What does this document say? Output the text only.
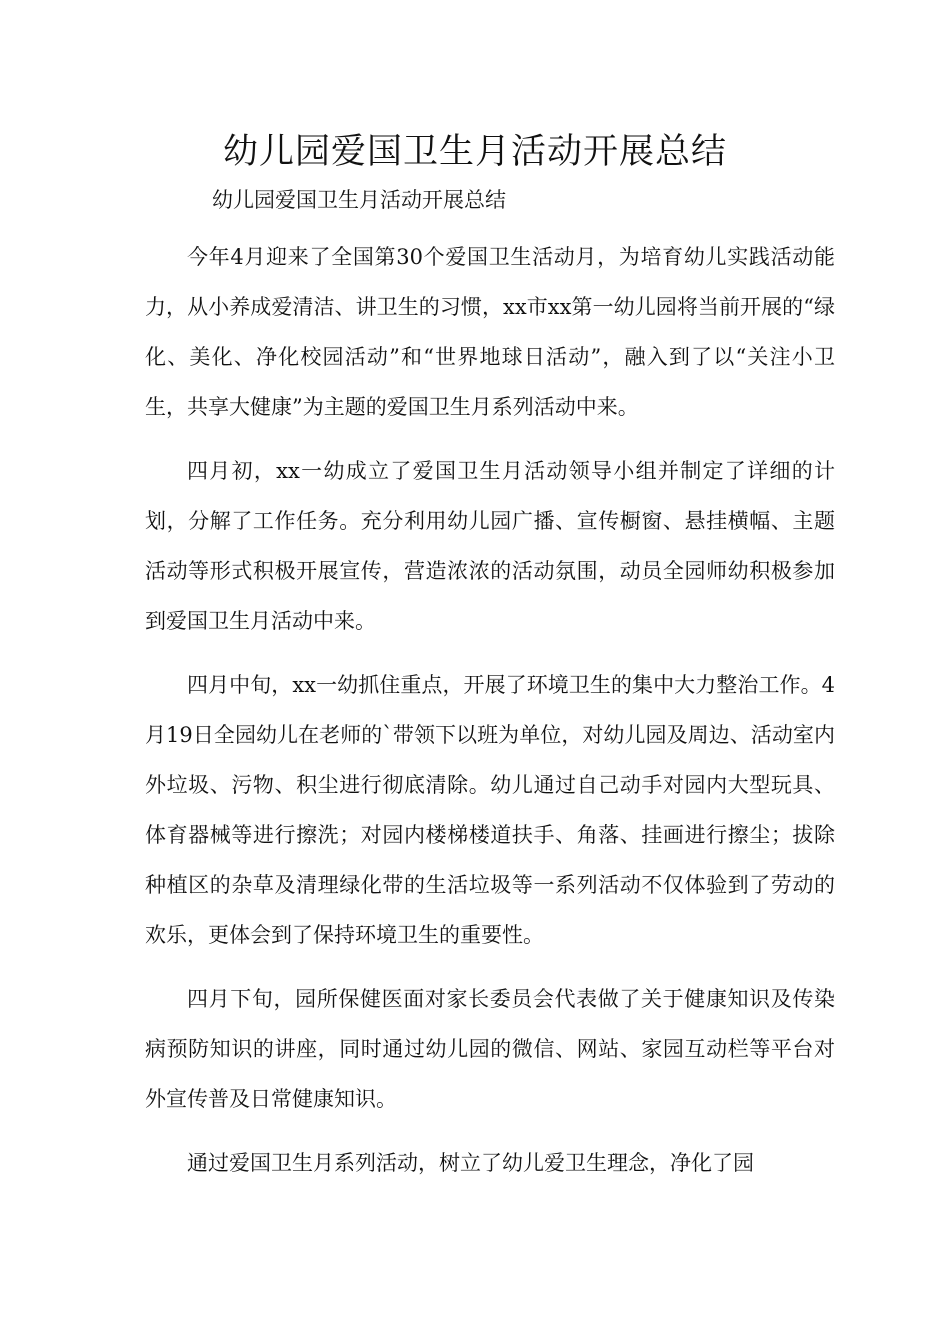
幼儿园爱国卫生月活动开展总结
幼儿园爱国卫生月活动开展总结

今年4月迎来了全国第30个爱国卫生活动月，为培育幼儿实践活动能力，从小养成爱清洁、讲卫生的习惯，xx市xx第一幼儿园将当前开展的“绿化、美化、净化校园活动”和“世界地球日活动”，融入到了以“关注小卫生，共享大健康”为主题的爱国卫生月系列活动中来。

四月初，xx一幼成立了爱国卫生月活动领导小组并制定了详细的计划，分解了工作任务。充分利用幼儿园广播、宣传橱窗、悬挂横幅、主题活动等形式积极开展宣传，营造浓浓的活动氛围，动员全园师幼积极参加到爱国卫生月活动中来。

四月中旬，xx一幼抓住重点，开展了环境卫生的集中大力整治工作。4月19日全园幼儿在老师的`带领下以班为单位，对幼儿园及周边、活动室内外垃圾、污物、积尘进行彻底清除。幼儿通过自己动手对园内大型玩具、体育器械等进行擦洗；对园内楼梯楼道扶手、角落、挂画进行擦尘；拔除种植区的杂草及清理绿化带的生活垃圾等一系列活动不仅体验到了劳动的欢乐，更体会到了保持环境卫生的重要性。

四月下旬，园所保健医面对家长委员会代表做了关于健康知识及传染病预防知识的讲座，同时通过幼儿园的微信、网站、家园互动栏等平台对外宣传普及日常健康知识。

通过爱国卫生月系列活动，树立了幼儿爱卫生理念，净化了园
